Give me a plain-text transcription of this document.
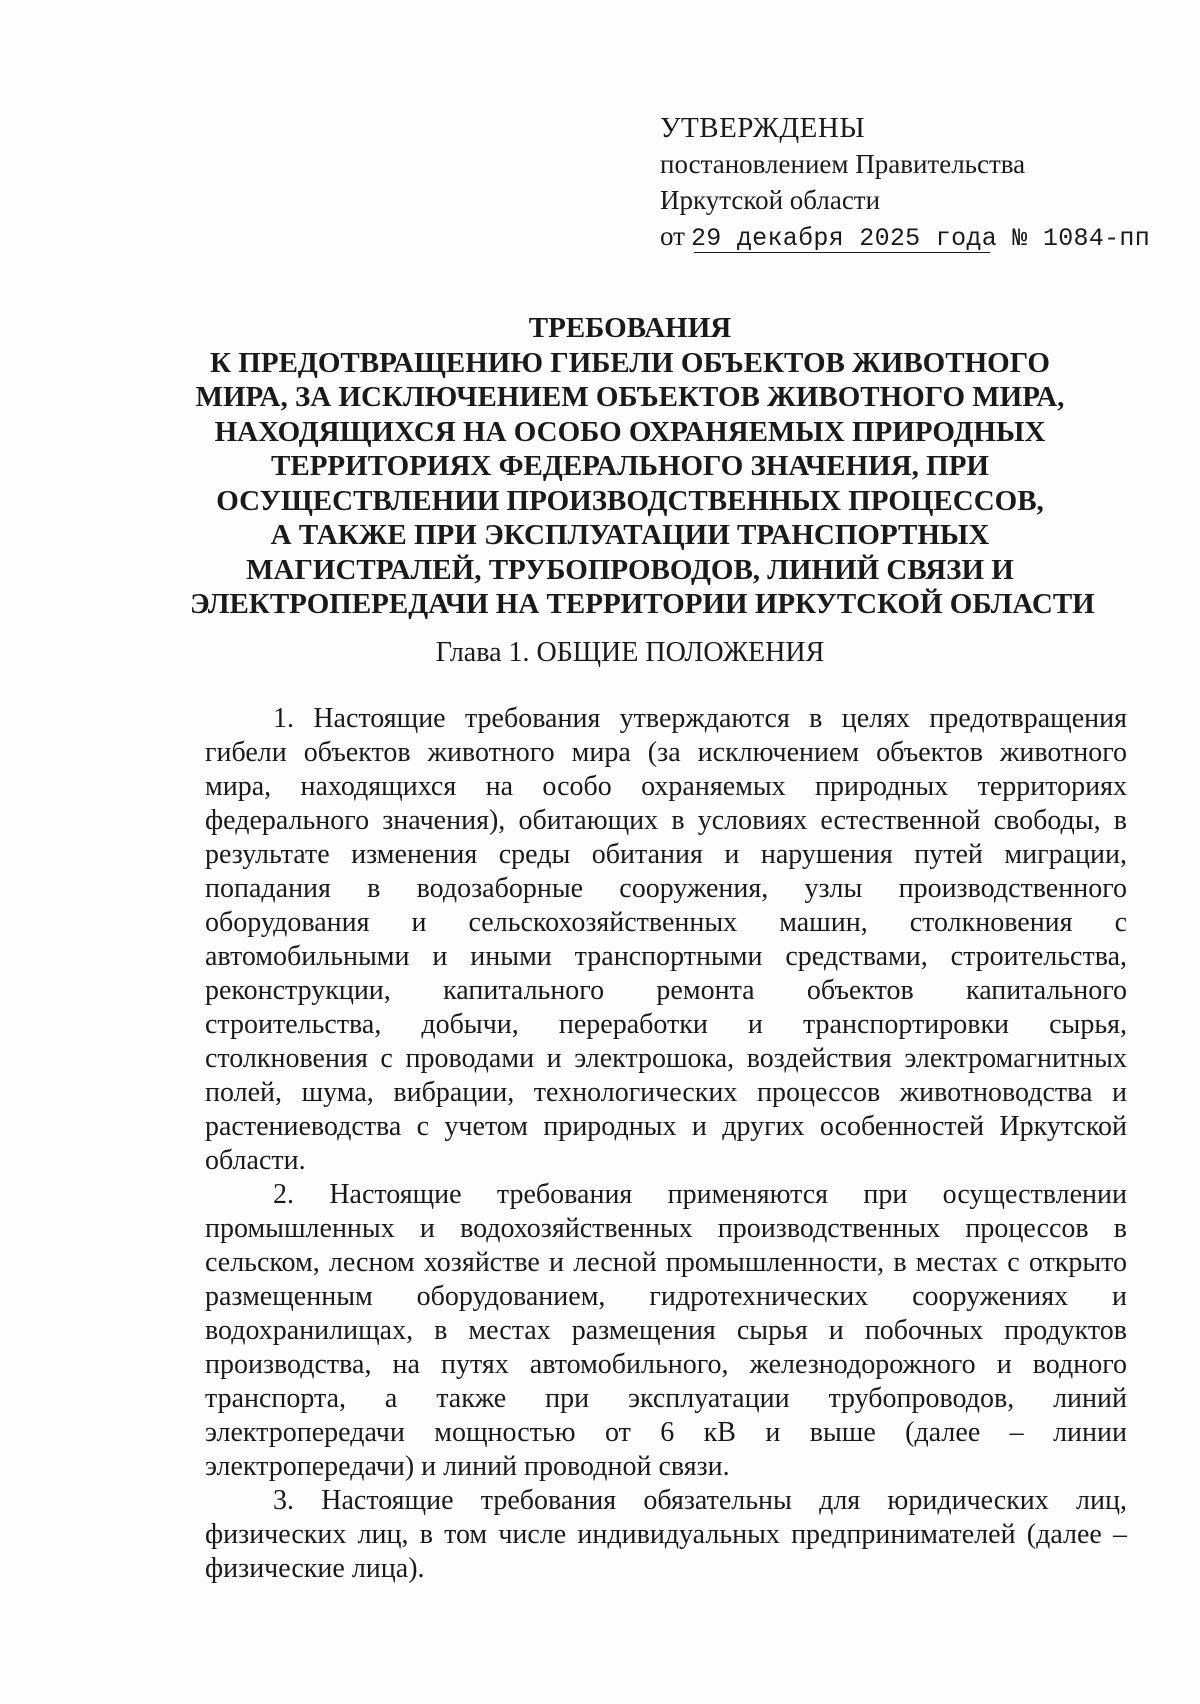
УТВЕРЖДЕНЫ
постановлением Правительства
Иркутской области
от 29 декабря 2025 года № 1084-пп
ТРЕБОВАНИЯ
К ПРЕДОТВРАЩЕНИЮ ГИБЕЛИ ОБЪЕКТОВ ЖИВОТНОГО
МИРА, ЗА ИСКЛЮЧЕНИЕМ ОБЪЕКТОВ ЖИВОТНОГО МИРА,
НАХОДЯЩИХСЯ НА ОСОБО ОХРАНЯЕМЫХ ПРИРОДНЫХ
ТЕРРИТОРИЯХ ФЕДЕРАЛЬНОГО ЗНАЧЕНИЯ, ПРИ
ОСУЩЕСТВЛЕНИИ ПРОИЗВОДСТВЕННЫХ ПРОЦЕССОВ,
А ТАКЖЕ ПРИ ЭКСПЛУАТАЦИИ ТРАНСПОРТНЫХ
МАГИСТРАЛЕЙ, ТРУБОПРОВОДОВ, ЛИНИЙ СВЯЗИ И
ЭЛЕКТРОПЕРЕДАЧИ НА ТЕРРИТОРИИ ИРКУТСКОЙ ОБЛАСТИ
Глава 1. ОБЩИЕ ПОЛОЖЕНИЯ

1. Настоящие требования утверждаются в целях предотвращения гибели объектов животного мира (за исключением объектов животного мира, находящихся на особо охраняемых природных территориях федерального значения), обитающих в условиях естественной свободы, в результате изменения среды обитания и нарушения путей миграции, попадания в водозаборные сооружения, узлы производственного оборудования и сельскохозяйственных машин, столкновения с автомобильными и иными транспортными средствами, строительства, реконструкции, капитального ремонта объектов капитального строительства, добычи, переработки и транспортировки сырья, столкновения с проводами и электрошока, воздействия электромагнитных полей, шума, вибрации, технологических процессов животноводства и растениеводства с учетом природных и других особенностей Иркутской области.

2. Настоящие требования применяются при осуществлении промышленных и водохозяйственных производственных процессов в сельском, лесном хозяйстве и лесной промышленности, в местах с открыто размещенным оборудованием, гидротехнических сооружениях и водохранилищах, в местах размещения сырья и побочных продуктов производства, на путях автомобильного, железнодорожного и водного транспорта, а также при эксплуатации трубопроводов, линий электропередачи мощностью от 6 кВ и выше (далее – линии электропередачи) и линий проводной связи.

3. Настоящие требования обязательны для юридических лиц, физических лиц, в том числе индивидуальных предпринимателей (далее – физические лица).
